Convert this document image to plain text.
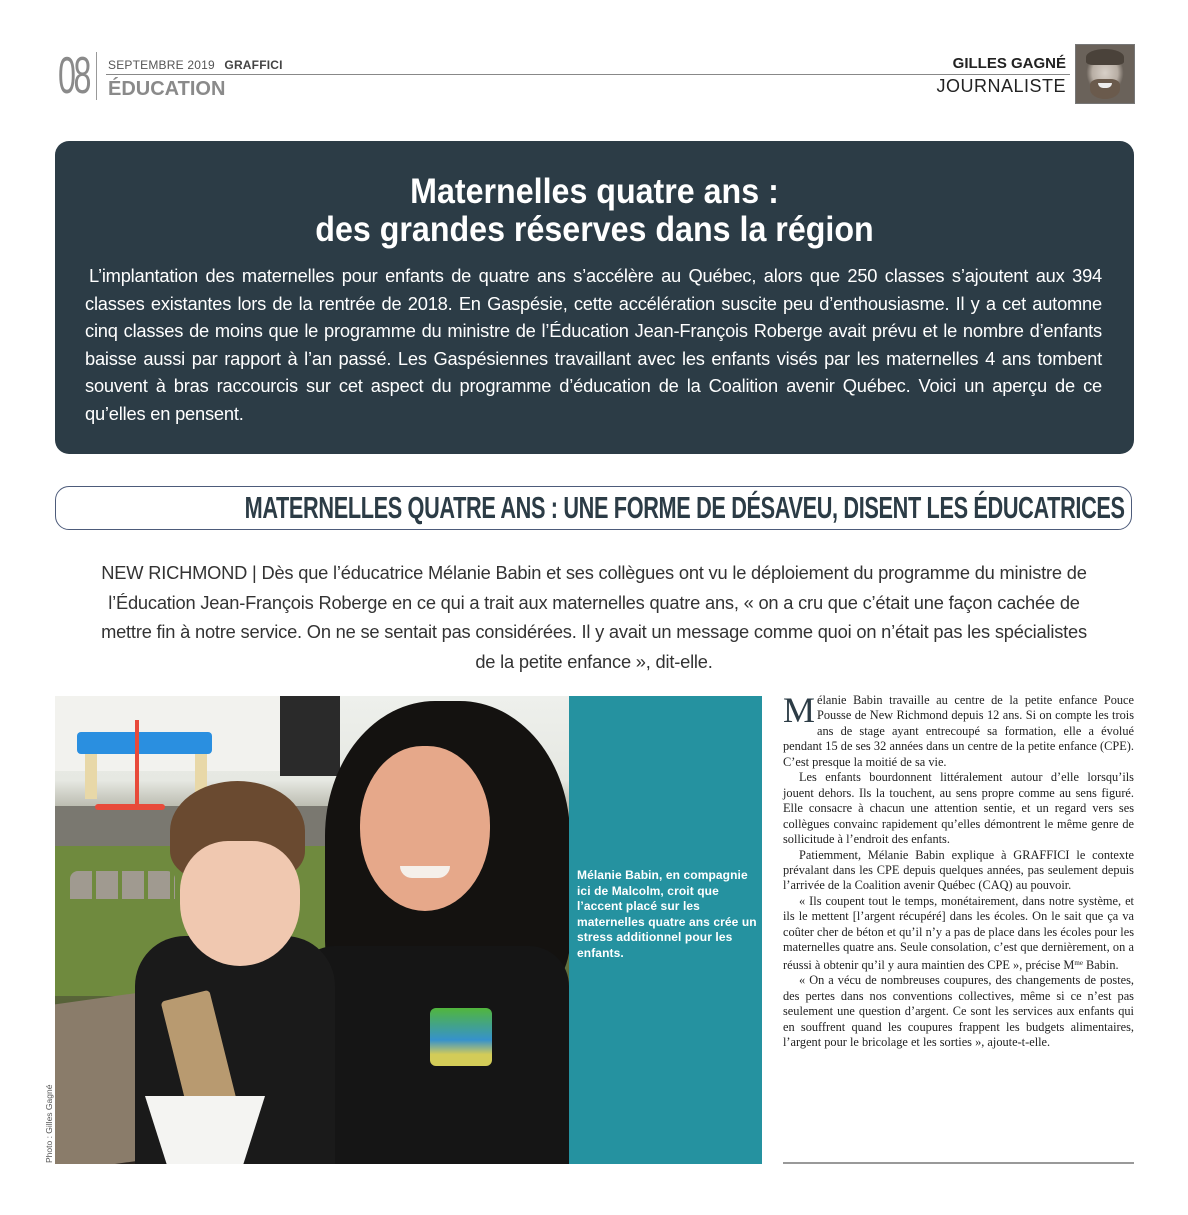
08 SEPTEMBRE 2019 GRAFFICI
ÉDUCATION
GILLES GAGNÉ
JOURNALISTE
Maternelles quatre ans :
des grandes réserves dans la région
L’implantation des maternelles pour enfants de quatre ans s’accélère au Québec, alors que 250 classes s’ajoutent aux 394 classes existantes lors de la rentrée de 2018. En Gaspésie, cette accélération suscite peu d’enthousiasme. Il y a cet automne cinq classes de moins que le programme du ministre de l’Éducation Jean-François Roberge avait prévu et le nombre d’enfants baisse aussi par rapport à l’an passé. Les Gaspésiennes travaillant avec les enfants visés par les maternelles 4 ans tombent souvent à bras raccourcis sur cet aspect du programme d’éducation de la Coalition avenir Québec. Voici un aperçu de ce qu’elles en pensent.
MATERNELLES QUATRE ANS : UNE FORME DE DÉSAVEU, DISENT LES ÉDUCATRICES
NEW RICHMOND | Dès que l’éducatrice Mélanie Babin et ses collègues ont vu le déploiement du programme du ministre de l’Éducation Jean-François Roberge en ce qui a trait aux maternelles quatre ans, « on a cru que c’était une façon cachée de mettre fin à notre service. On ne se sentait pas considérées. Il y avait un message comme quoi on n’était pas les spécialistes de la petite enfance », dit-elle.
Photo : Gilles Gagné
Mélanie Babin, en compagnie ici de Malcolm, croit que l’accent placé sur les maternelles quatre ans crée un stress additionnel pour les enfants.

Mélanie Babin travaille au centre de la petite enfance Pouce Pousse de New Richmond depuis 12 ans. Si on compte les trois ans de stage ayant entrecoupé sa formation, elle a évolué pendant 15 de ses 32 années dans un centre de la petite enfance (CPE). C’est presque la moitié de sa vie.

Les enfants bourdonnent littéralement autour d’elle lorsqu’ils jouent dehors. Ils la touchent, au sens propre comme au sens figuré. Elle consacre à chacun une attention sentie, et un regard vers ses collègues convainc rapidement qu’elles démontrent le même genre de sollicitude à l’endroit des enfants.

Patiemment, Mélanie Babin explique à GRAFFICI le contexte prévalant dans les CPE depuis quelques années, pas seulement depuis l’arrivée de la Coalition avenir Québec (CAQ) au pouvoir.

« Ils coupent tout le temps, monétairement, dans notre système, et ils le mettent [l’argent récupéré] dans les écoles. On le sait que ça va coûter cher de béton et qu’il n’y a pas de place dans les écoles pour les maternelles quatre ans. Seule consolation, c’est que dernièrement, on a réussi à obtenir qu’il y aura maintien des CPE », précise $M^{me}$ Babin.

« On a vécu de nombreuses coupures, des changements de postes, des pertes dans nos conventions collectives, même si ce n’est pas seulement une question d’argent. Ce sont les services aux enfants qui en souffrent quand les coupures frappent les budgets alimentaires, l’argent pour le bricolage et les sorties », ajoute-t-elle.
